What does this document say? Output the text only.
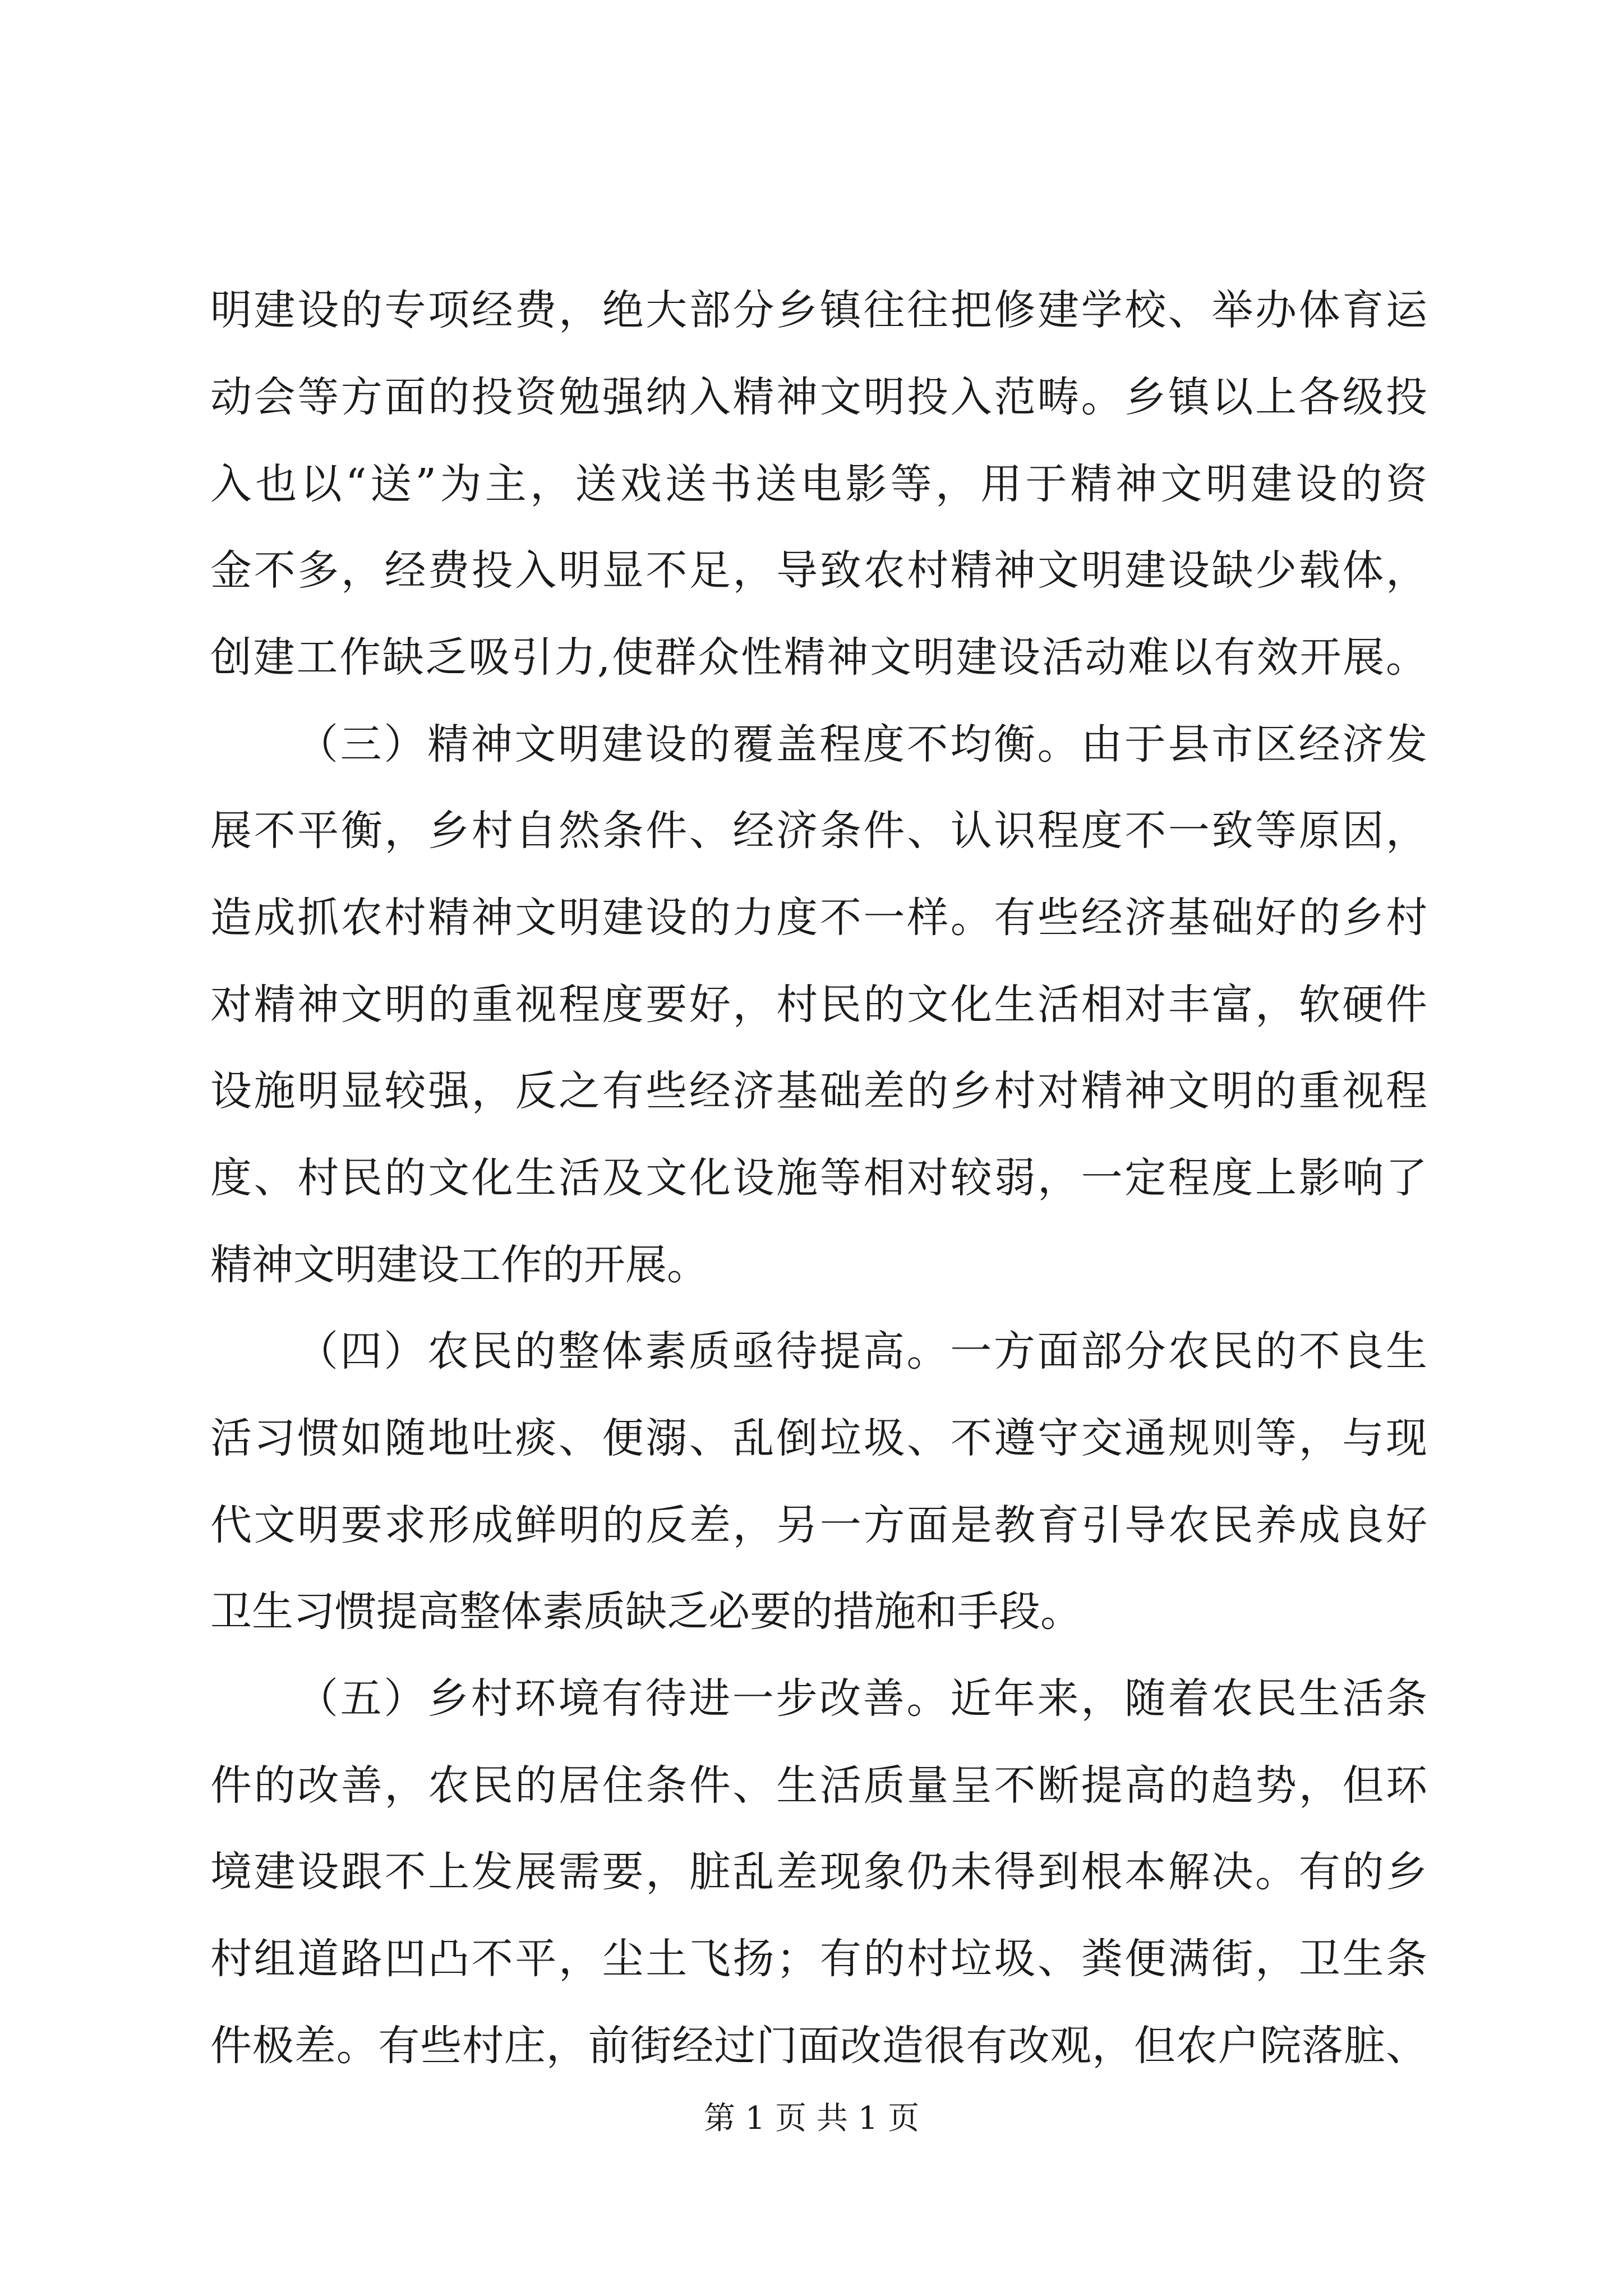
明建设的专项经费，绝大部分乡镇往往把修建学校、举办体育运
动会等方面的投资勉强纳入精神文明投入范畴。乡镇以上各级投
入也以“送”为主，送戏送书送电影等，用于精神文明建设的资
金不多，经费投入明显不足，导致农村精神文明建设缺少载体，
创建工作缺乏吸引力,使群众性精神文明建设活动难以有效开展。
（三）精神文明建设的覆盖程度不均衡。由于县市区经济发
展不平衡，乡村自然条件、经济条件、认识程度不一致等原因，
造成抓农村精神文明建设的力度不一样。有些经济基础好的乡村
对精神文明的重视程度要好，村民的文化生活相对丰富，软硬件
设施明显较强，反之有些经济基础差的乡村对精神文明的重视程
度、村民的文化生活及文化设施等相对较弱，一定程度上影响了
精神文明建设工作的开展。
（四）农民的整体素质亟待提高。一方面部分农民的不良生
活习惯如随地吐痰、便溺、乱倒垃圾、不遵守交通规则等，与现
代文明要求形成鲜明的反差，另一方面是教育引导农民养成良好
卫生习惯提高整体素质缺乏必要的措施和手段。
（五）乡村环境有待进一步改善。近年来，随着农民生活条
件的改善，农民的居住条件、生活质量呈不断提高的趋势，但环
境建设跟不上发展需要，脏乱差现象仍未得到根本解决。有的乡
村组道路凹凸不平，尘土飞扬；有的村垃圾、粪便满街，卫生条
件极差。有些村庄，前街经过门面改造很有改观，但农户院落脏、
第 1 页 共 1 页
